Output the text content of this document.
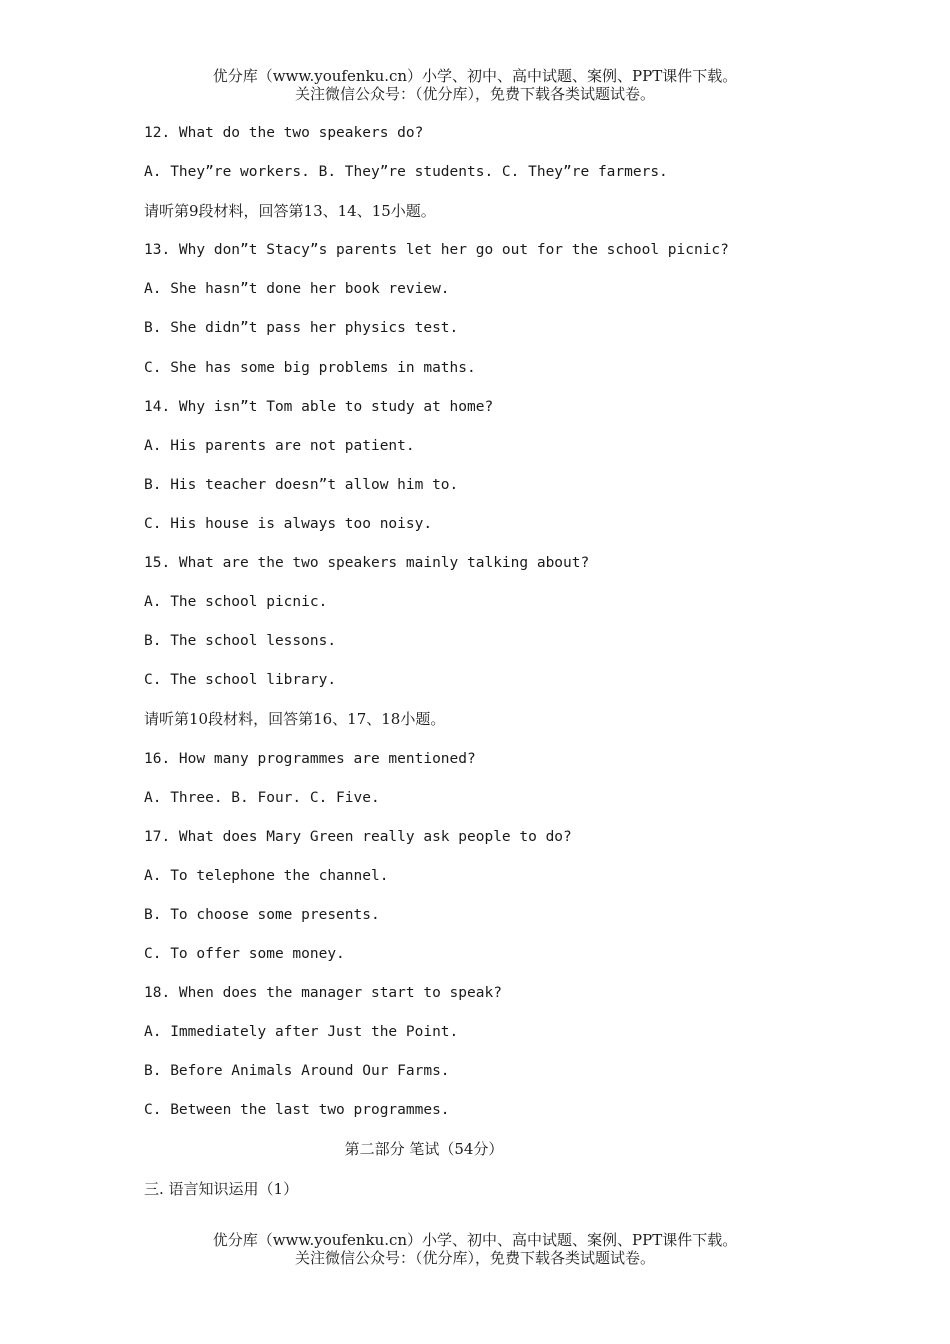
优分库（www.youfenku.cn）小学、初中、高中试题、案例、PPT课件下载。
关注微信公众号：（优分库），免费下载各类试题试卷。
12. What do the two speakers do?
A. They”re workers. B. They”re students. C. They”re farmers.
请听第9段材料，回答第13、14、15小题。
13. Why don”t Stacy”s parents let her go out for the school picnic?
A. She hasn”t done her book review.
B. She didn”t pass her physics test.
C. She has some big problems in maths.
14. Why isn”t Tom able to study at home?
A. His parents are not patient.
B. His teacher doesn”t allow him to.
C. His house is always too noisy.
15. What are the two speakers mainly talking about?
A. The school picnic.
B. The school lessons.
C. The school library.
请听第10段材料，回答第16、17、18小题。
16. How many programmes are mentioned?
A. Three. B. Four. C. Five.
17. What does Mary Green really ask people to do?
A. To telephone the channel.
B. To choose some presents.
C. To offer some money.
18. When does the manager start to speak?
A. Immediately after Just the Point.
B. Before Animals Around Our Farms.
C. Between the last two programmes.
第二部分 笔试（54分）
三. 语言知识运用（1）
优分库（www.youfenku.cn）小学、初中、高中试题、案例、PPT课件下载。
关注微信公众号：（优分库），免费下载各类试题试卷。
